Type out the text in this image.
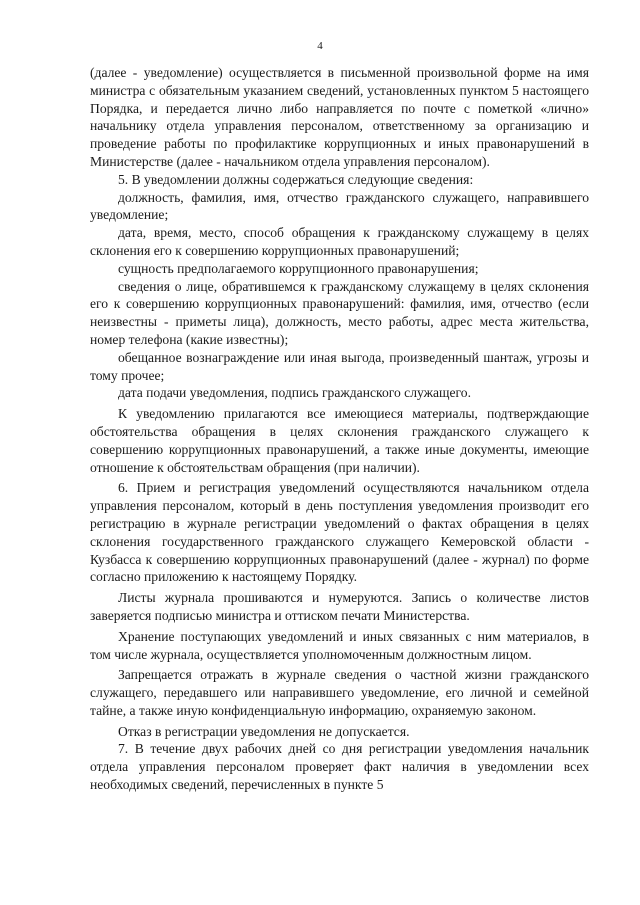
4

(далее - уведомление) осуществляется в письменной произвольной форме на имя министра с обязательным указанием сведений, установленных пунктом 5 настоящего Порядка, и передается лично либо направляется по почте с пометкой «лично» начальнику отдела управления персоналом, ответственному за организацию и проведение работы по профилактике коррупционных и иных правонарушений в Министерстве (далее - начальником отдела управления персоналом).

5. В уведомлении должны содержаться следующие сведения:

должность, фамилия, имя, отчество гражданского служащего, направившего уведомление;

дата, время, место, способ обращения к гражданскому служащему в целях склонения его к совершению коррупционных правонарушений;

сущность предполагаемого коррупционного правонарушения;

сведения о лице, обратившемся к гражданскому служащему в целях склонения его к совершению коррупционных правонарушений: фамилия, имя, отчество (если неизвестны - приметы лица), должность, место работы, адрес места жительства, номер телефона (какие известны);

обещанное вознаграждение или иная выгода, произведенный шантаж, угрозы и тому прочее;

дата подачи уведомления, подпись гражданского служащего.

К уведомлению прилагаются все имеющиеся материалы, подтверждающие обстоятельства обращения в целях склонения гражданского служащего к совершению коррупционных правонарушений, а также иные документы, имеющие отношение к обстоятельствам обращения (при наличии).

6. Прием и регистрация уведомлений осуществляются начальником отдела управления персоналом, который в день поступления уведомления производит его регистрацию в журнале регистрации уведомлений о фактах обращения в целях склонения государственного гражданского служащего Кемеровской области - Кузбасса к совершению коррупционных правонарушений (далее - журнал) по форме согласно приложению к настоящему Порядку.

Листы журнала прошиваются и нумеруются. Запись о количестве листов заверяется подписью министра и оттиском печати Министерства.

Хранение поступающих уведомлений и иных связанных с ним материалов, в том числе журнала, осуществляется уполномоченным должностным лицом.

Запрещается отражать в журнале сведения о частной жизни гражданского служащего, передавшего или направившего уведомление, его личной и семейной тайне, а также иную конфиденциальную информацию, охраняемую законом.

Отказ в регистрации уведомления не допускается.

7. В течение двух рабочих дней со дня регистрации уведомления начальник отдела управления персоналом проверяет факт наличия в уведомлении всех необходимых сведений, перечисленных в пункте 5
